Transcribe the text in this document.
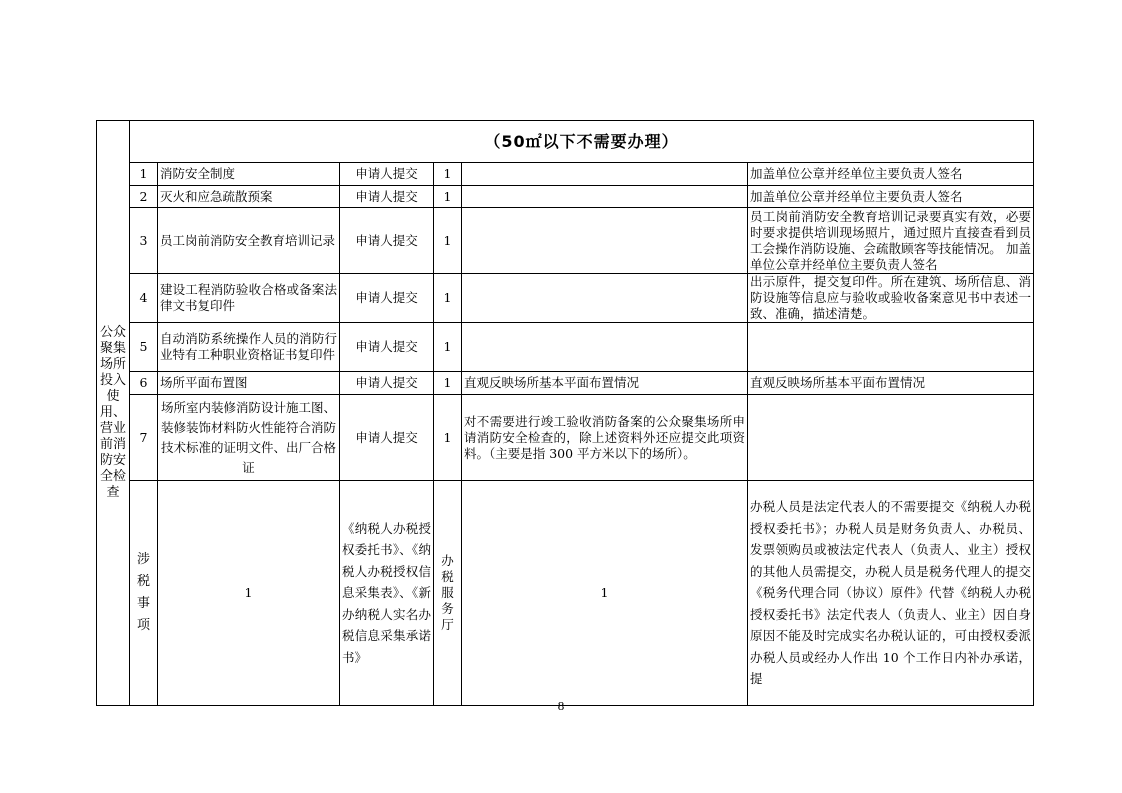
公众聚集场所投入使用、营业前消防安全检查	（50㎡以下不需要办理）						
	1	消防安全制度	申请人提交	1		加盖单位公章并经单位主要负责人签名	
	2	灭火和应急疏散预案	申请人提交	1		加盖单位公章并经单位主要负责人签名	
	3	员工岗前消防安全教育培训记录	申请人提交	1		员工岗前消防安全教育培训记录要真实有效，必要时要求提供培训现场照片，通过照片直接查看到员工会操作消防设施、会疏散顾客等技能情况。 加盖单位公章并经单位主要负责人签名	
	4	建设工程消防验收合格或备案法律文书复印件	申请人提交	1		出示原件，提交复印件。所在建筑、场所信息、消防设施等信息应与验收或验收备案意见书中表述一致、准确，描述清楚。	
	5	自动消防系统操作人员的消防行业特有工种职业资格证书复印件	申请人提交	1			
	6	场所平面布置图	申请人提交	1	直观反映场所基本平面布置情况	直观反映场所基本平面布置情况	
	7	场所室内装修消防设计施工图、装修装饰材料防火性能符合消防技术标准的证明文件、出厂合格证	申请人提交	1	对不需要进行竣工验收消防备案的公众聚集场所申请消防安全检查的，除上述资料外还应提交此项资料。（主要是指 300 平方米以下的场所）。		
	涉税事项	1	《纳税人办税授权委托书》、《纳税人办税授权信息采集表》、《新办纳税人实名办税信息采集承诺书》	办税服务厅	1	办税人员是法定代表人的不需要提交《纳税人办税授权委托书》；办税人员是财务负责人、办税员、发票领购员或被法定代表人（负责人、业主）授权的其他人员需提交，办税人员是税务代理人的提交《税务代理合同（协议）原件》代替《纳税人办税授权委托书》法定代表人（负责人、业主）因自身原因不能及时完成实名办税认证的，可由授权委派办税人员或经办人作出 10 个工作日内补办承诺，提	
8
